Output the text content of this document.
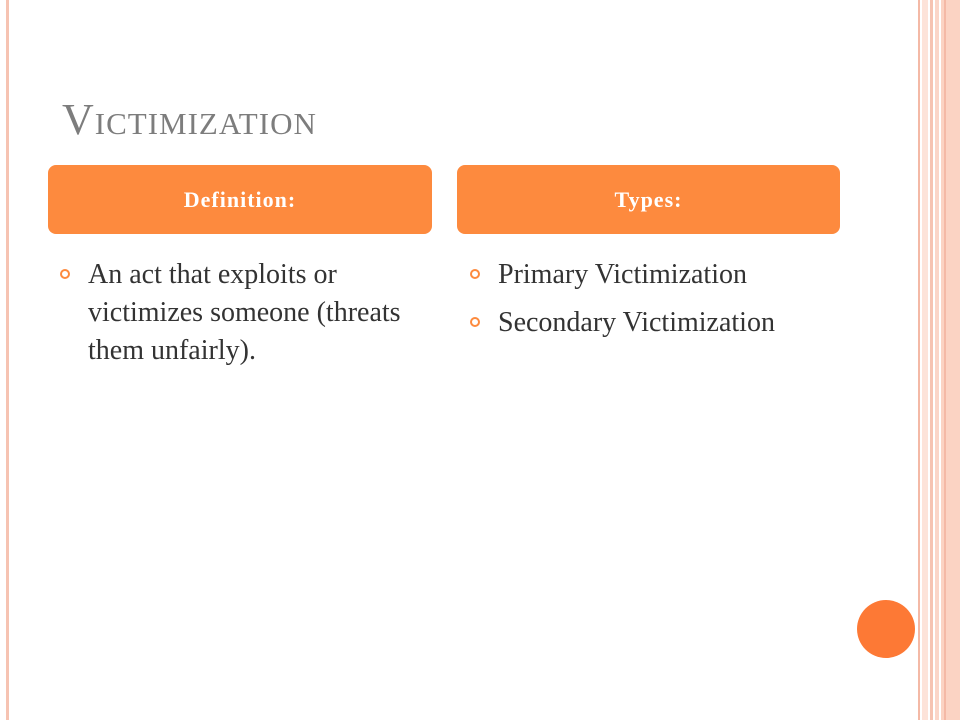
Victimization
Definition:	Types:
An act that exploits or victimizes someone (threats them unfairly).
Primary Victimization
Secondary Victimization
